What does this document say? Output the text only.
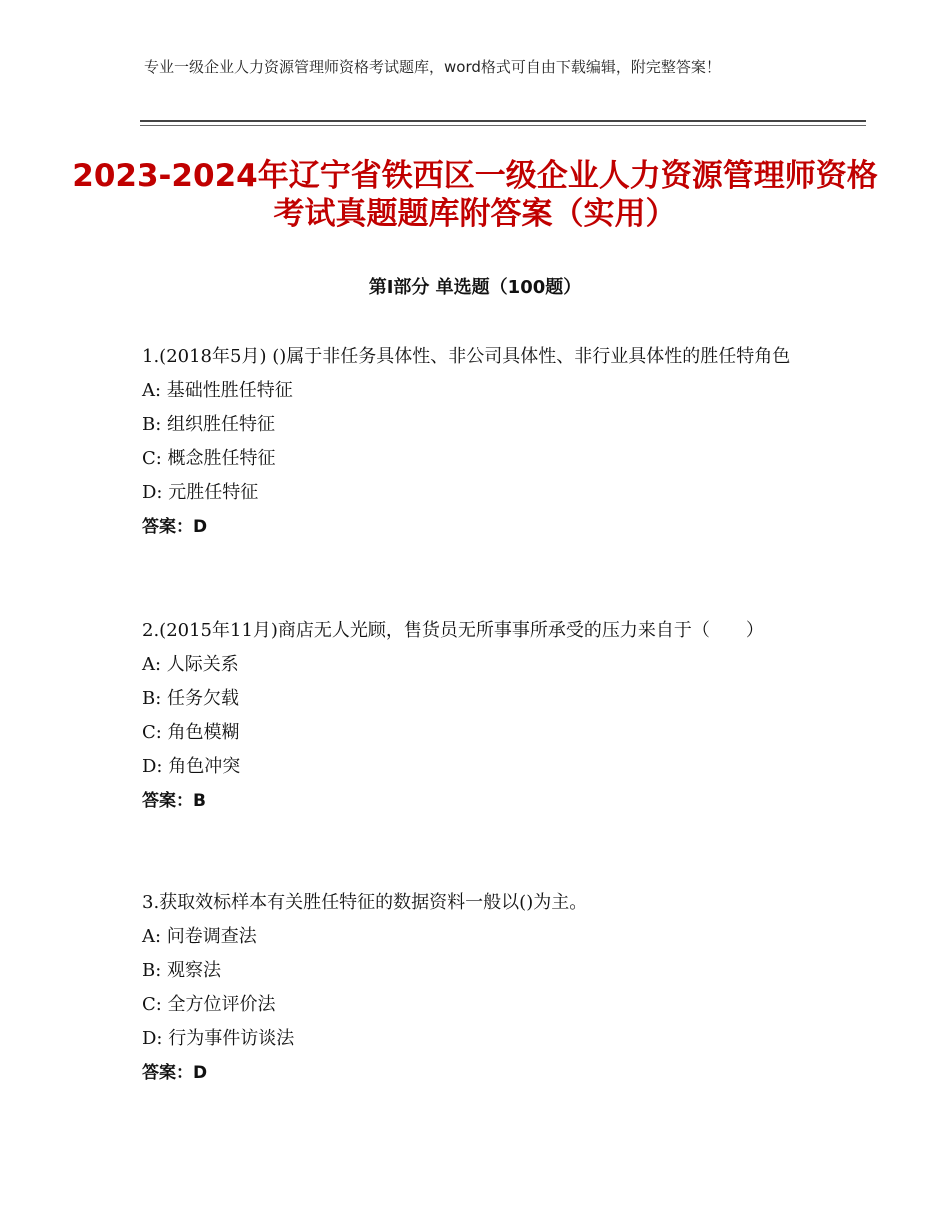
专业一级企业人力资源管理师资格考试题库，word格式可自由下载编辑，附完整答案！
2023-2024年辽宁省铁西区一级企业人力资源管理师资格考试真题题库附答案（实用）
第Ⅰ部分 单选题（100题）

1.(2018年5月) ()属于非任务具体性、非公司具体性、非行业具体性的胜任特角色

A: 基础性胜任特征
B: 组织胜任特征
C: 概念胜任特征
D: 元胜任特征
答案：D

2.(2015年11月)商店无人光顾，售货员无所事事所承受的压力来自于（　　）

A: 人际关系
B: 任务欠载
C: 角色模糊
D: 角色冲突
答案：B

3.获取效标样本有关胜任特征的数据资料一般以()为主。

A: 问卷调查法
B: 观察法
C: 全方位评价法
D: 行为事件访谈法
答案：D
